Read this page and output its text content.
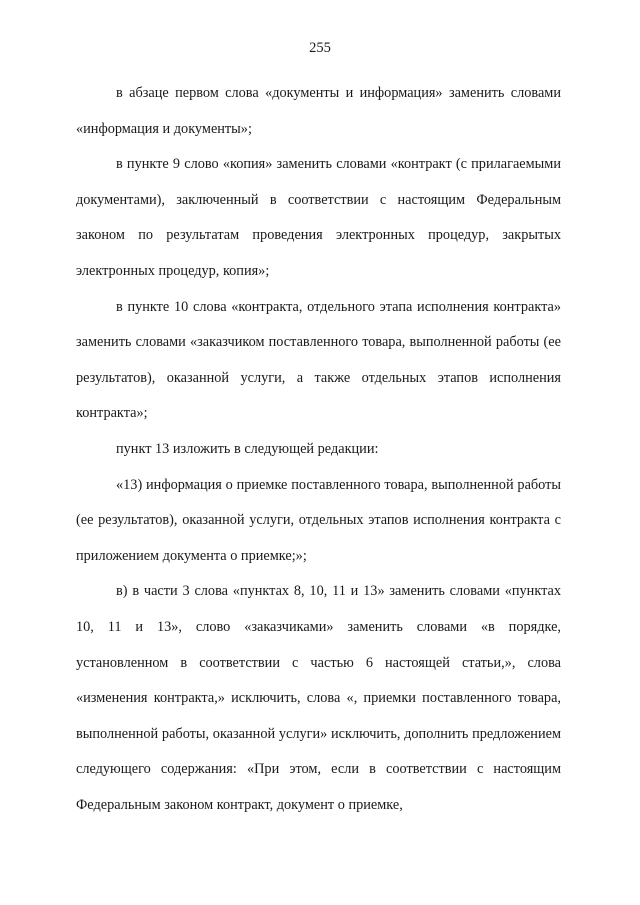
255

в абзаце первом слова «документы и информация» заменить словами «информация и документы»;

в пункте 9 слово «копия» заменить словами «контракт (с прилагаемыми документами), заключенный в соответствии с настоящим Федеральным законом по результатам проведения электронных процедур, закрытых электронных процедур, копия»;

в пункте 10 слова «контракта, отдельного этапа исполнения контракта» заменить словами «заказчиком поставленного товара, выполненной работы (ее результатов), оказанной услуги, а также отдельных этапов исполнения контракта»;

пункт 13 изложить в следующей редакции:

«13) информация о приемке поставленного товара, выполненной работы (ее результатов), оказанной услуги, отдельных этапов исполнения контракта с приложением документа о приемке;»;

в) в части 3 слова «пунктах 8, 10, 11 и 13» заменить словами «пунктах 10, 11 и 13», слово «заказчиками» заменить словами «в порядке, установленном в соответствии с частью 6 настоящей статьи,», слова «изменения контракта,» исключить, слова «, приемки поставленного товара, выполненной работы, оказанной услуги» исключить, дополнить предложением следующего содержания: «При этом, если в соответствии с настоящим Федеральным законом контракт, документ о приемке,
